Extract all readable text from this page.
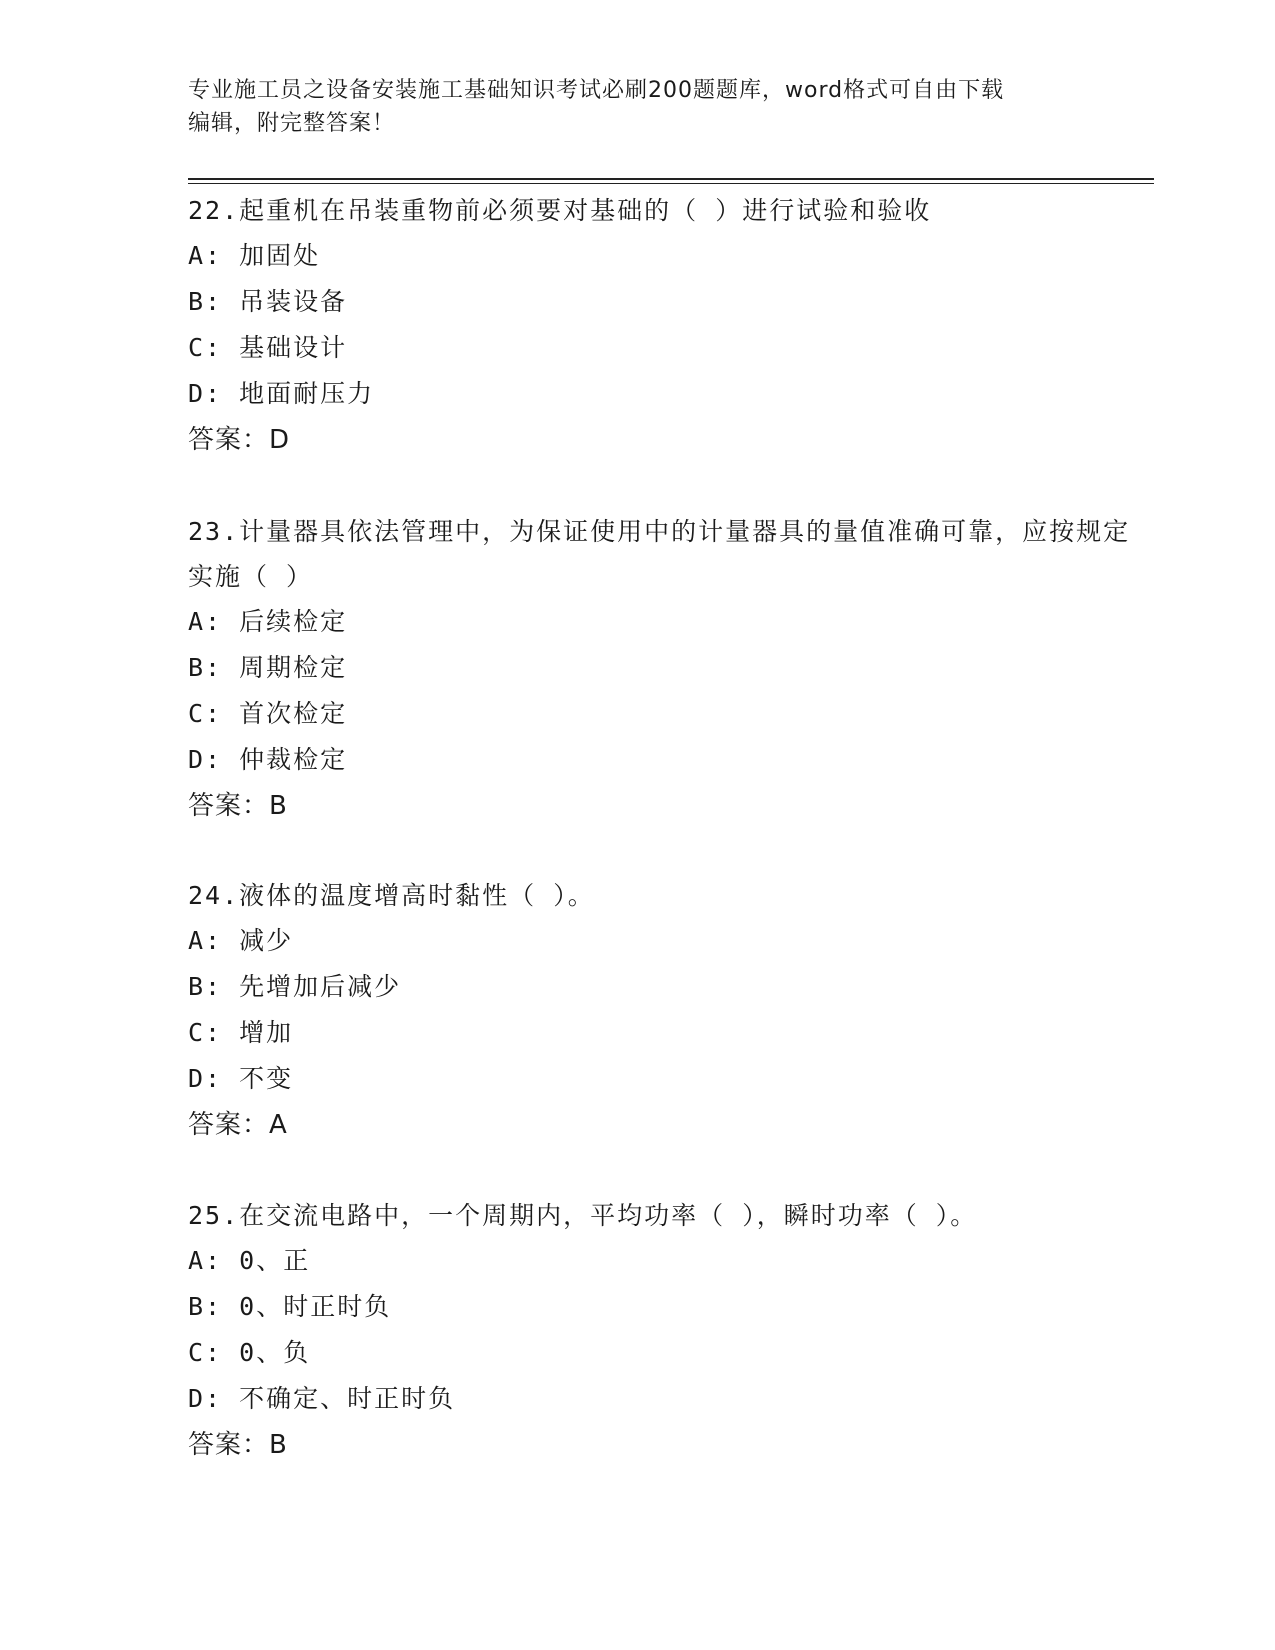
专业施工员之设备安装施工基础知识考试必刷200题题库，word格式可自由下载
编辑，附完整答案！

22.起重机在吊装重物前必须要对基础的（ ）进行试验和验收

A: 加固处

B: 吊装设备

C: 基础设计

D: 地面耐压力

答案：D

23.计量器具依法管理中，为保证使用中的计量器具的量值准确可靠，应按规定实施（ ）

A: 后续检定

B: 周期检定

C: 首次检定

D: 仲裁检定

答案：B

24.液体的温度增高时黏性（ ）。

A: 减少

B: 先增加后减少

C: 增加

D: 不变

答案：A

25.在交流电路中，一个周期内，平均功率（ ），瞬时功率（ ）。

A: 0、正

B: 0、时正时负

C: 0、负

D: 不确定、时正时负

答案：B
